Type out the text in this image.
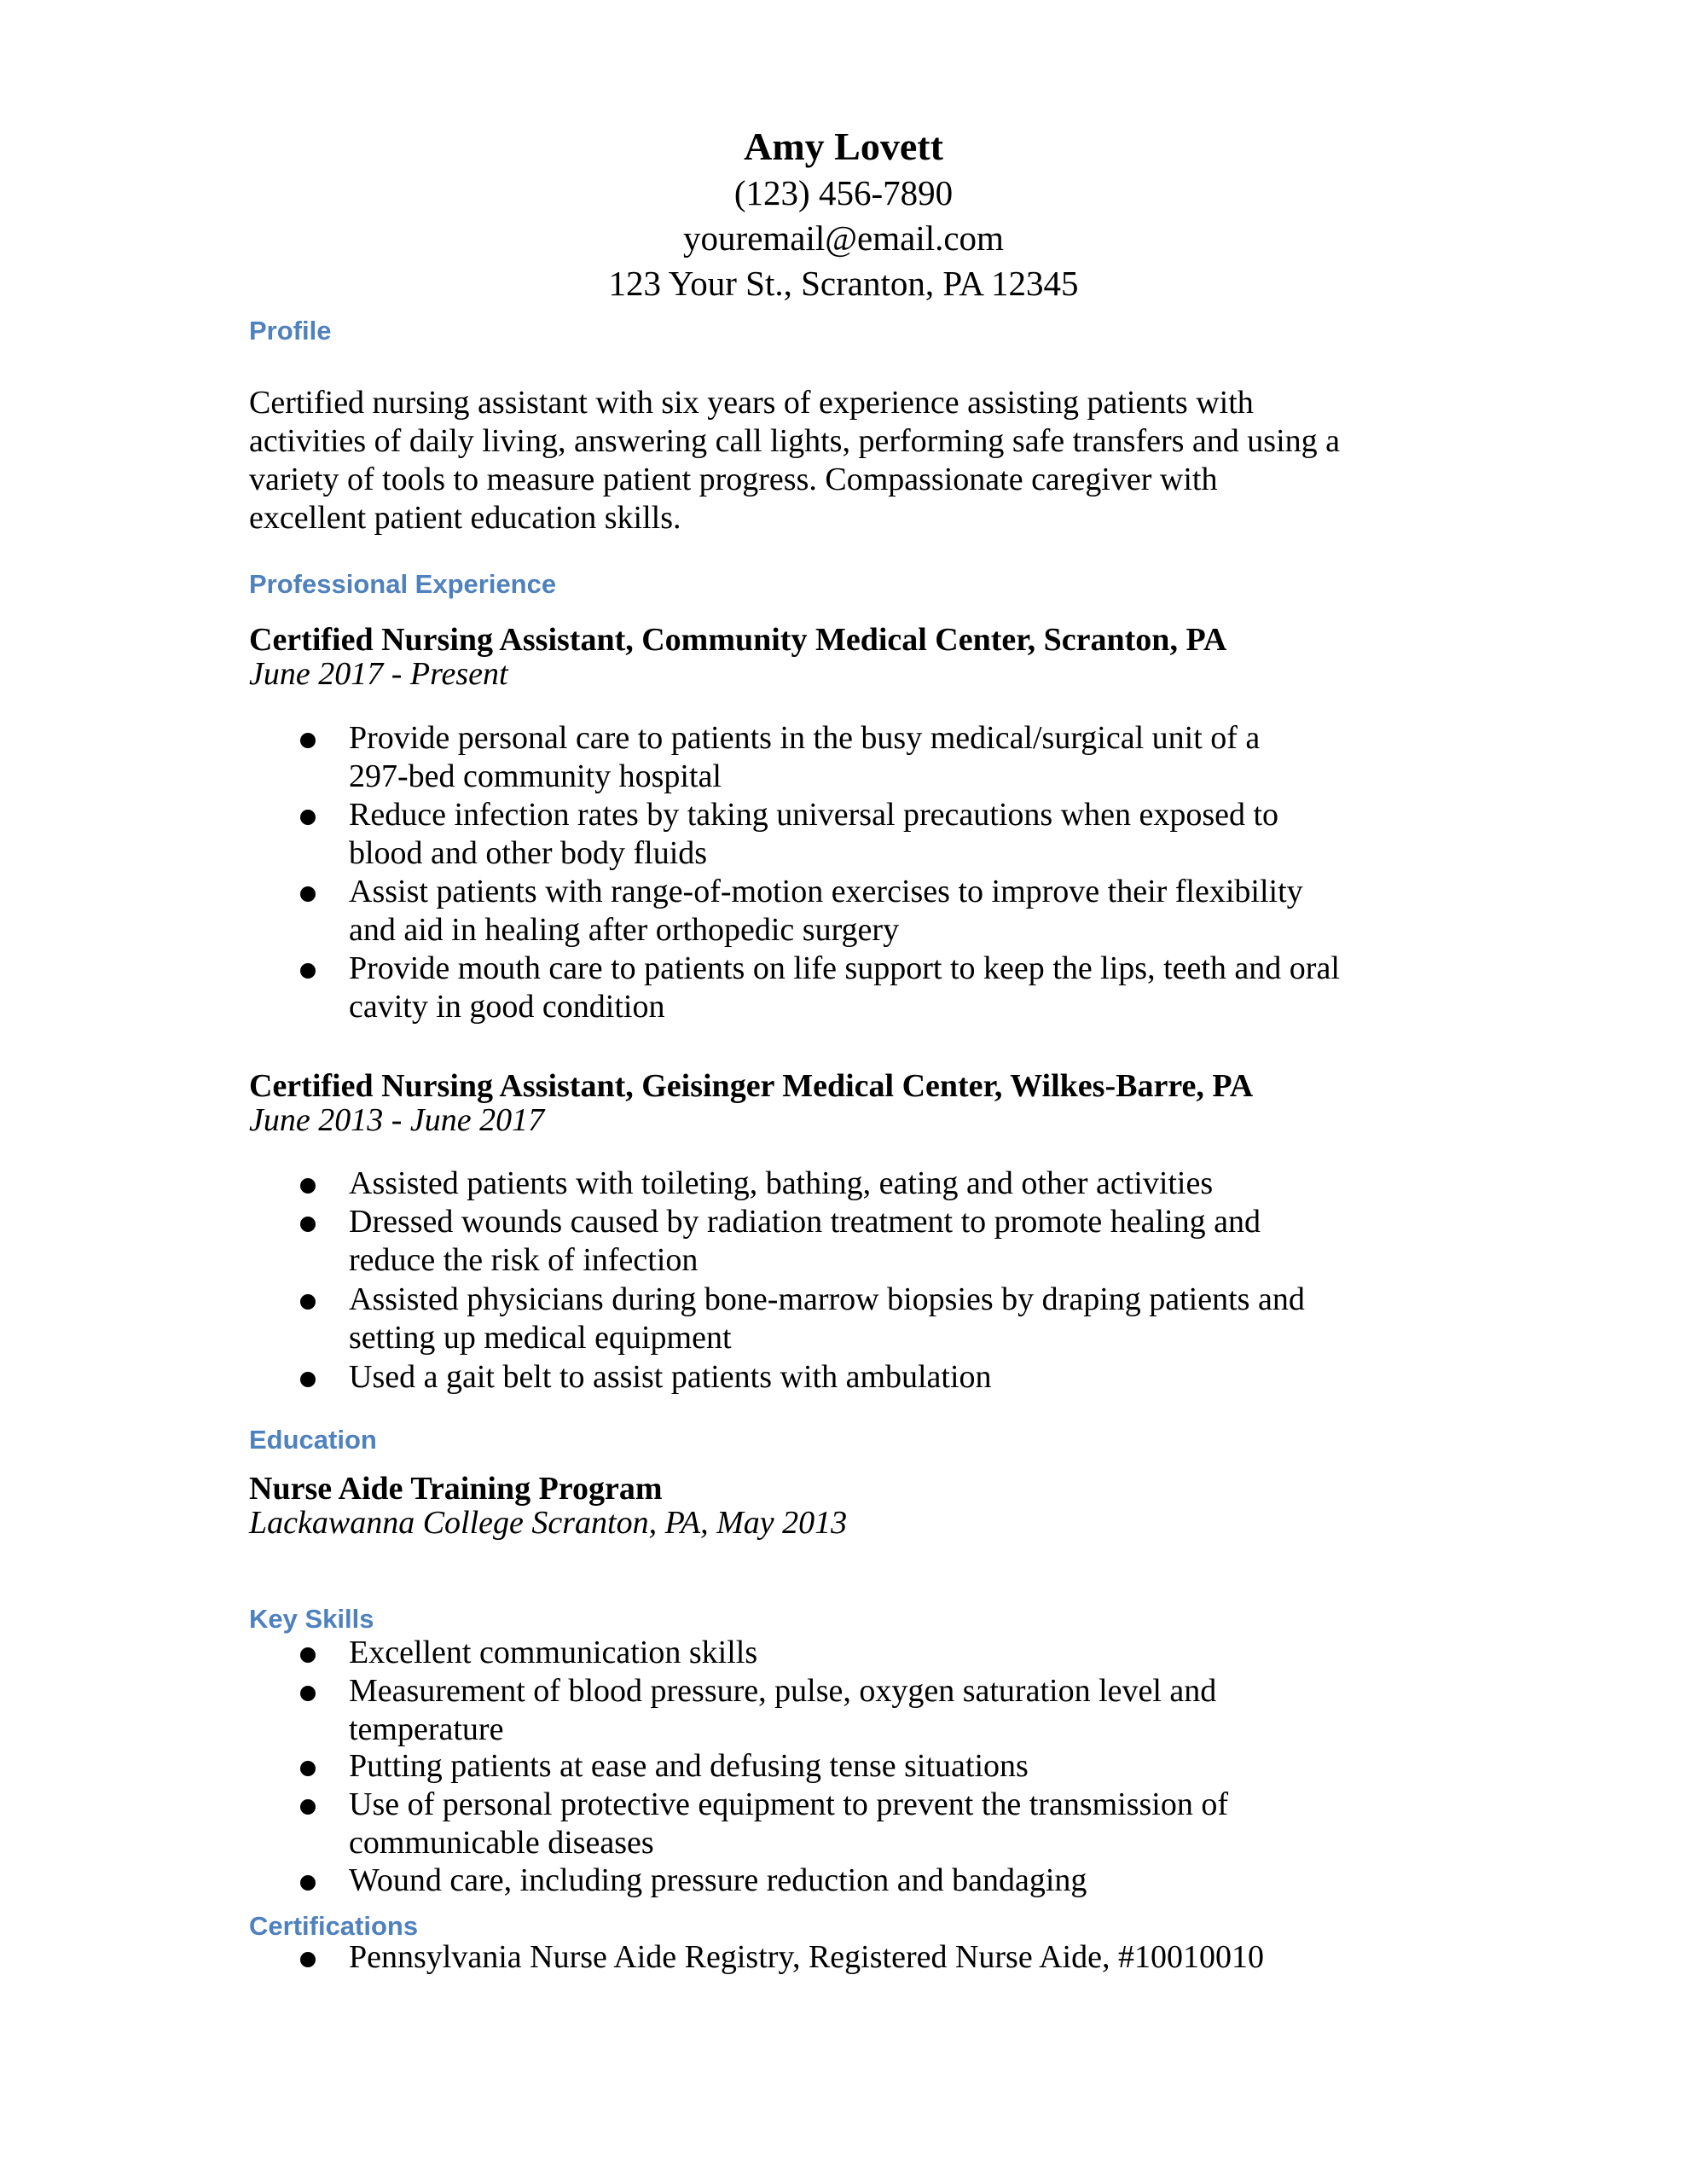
Amy Lovett
(123) 456-7890
youremail@email.com
123 Your St., Scranton, PA 12345
Profile
Certified nursing assistant with six years of experience assisting patients with
activities of daily living, answering call lights, performing safe transfers and using a
variety of tools to measure patient progress. Compassionate caregiver with
excellent patient education skills.
Professional Experience
Certified Nursing Assistant, Community Medical Center, Scranton, PA
June 2017 - Present
Provide personal care to patients in the busy medical/surgical unit of a
297-bed community hospital
Reduce infection rates by taking universal precautions when exposed to
blood and other body fluids
Assist patients with range-of-motion exercises to improve their flexibility
and aid in healing after orthopedic surgery
Provide mouth care to patients on life support to keep the lips, teeth and oral
cavity in good condition
Certified Nursing Assistant, Geisinger Medical Center, Wilkes-Barre, PA
June 2013 - June 2017
Assisted patients with toileting, bathing, eating and other activities
Dressed wounds caused by radiation treatment to promote healing and
reduce the risk of infection
Assisted physicians during bone-marrow biopsies by draping patients and
setting up medical equipment
Used a gait belt to assist patients with ambulation
Education
Nurse Aide Training Program
Lackawanna College Scranton, PA, May 2013
Key Skills
Excellent communication skills
Measurement of blood pressure, pulse, oxygen saturation level and
temperature
Putting patients at ease and defusing tense situations
Use of personal protective equipment to prevent the transmission of
communicable diseases
Wound care, including pressure reduction and bandaging
Certifications
Pennsylvania Nurse Aide Registry, Registered Nurse Aide, #10010010
